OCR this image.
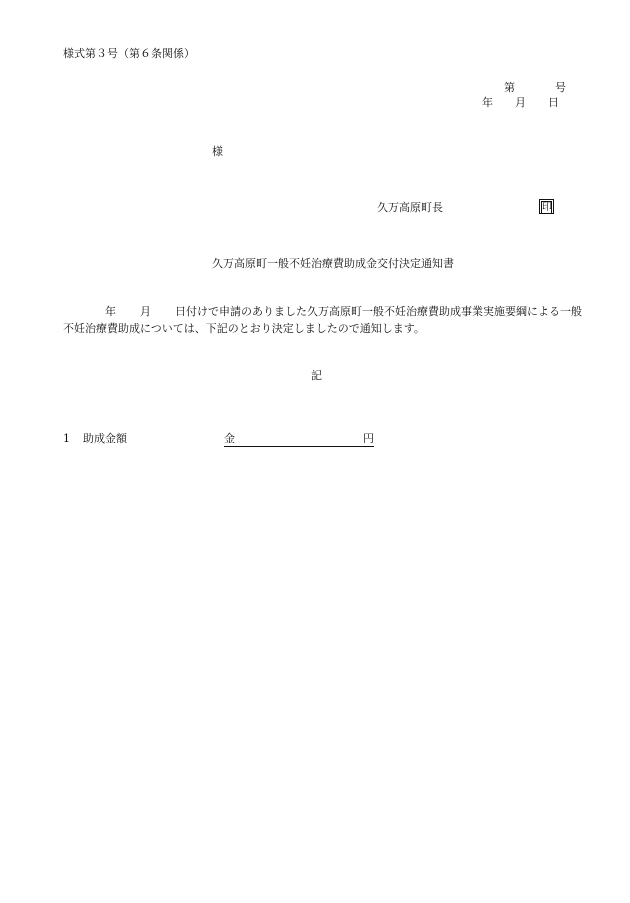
様式第３号（第６条関係）
第	号
年 月 日
様
久万高原町長	印
久万高原町一般不妊治療費助成金交付決定通知書
年 月 日付けで申請のありました久万高原町一般不妊治療費助成事業実施要綱による一般
不妊治療費助成については、下記のとおり決定しましたので通知します。
記
1 助成金額	金	円
